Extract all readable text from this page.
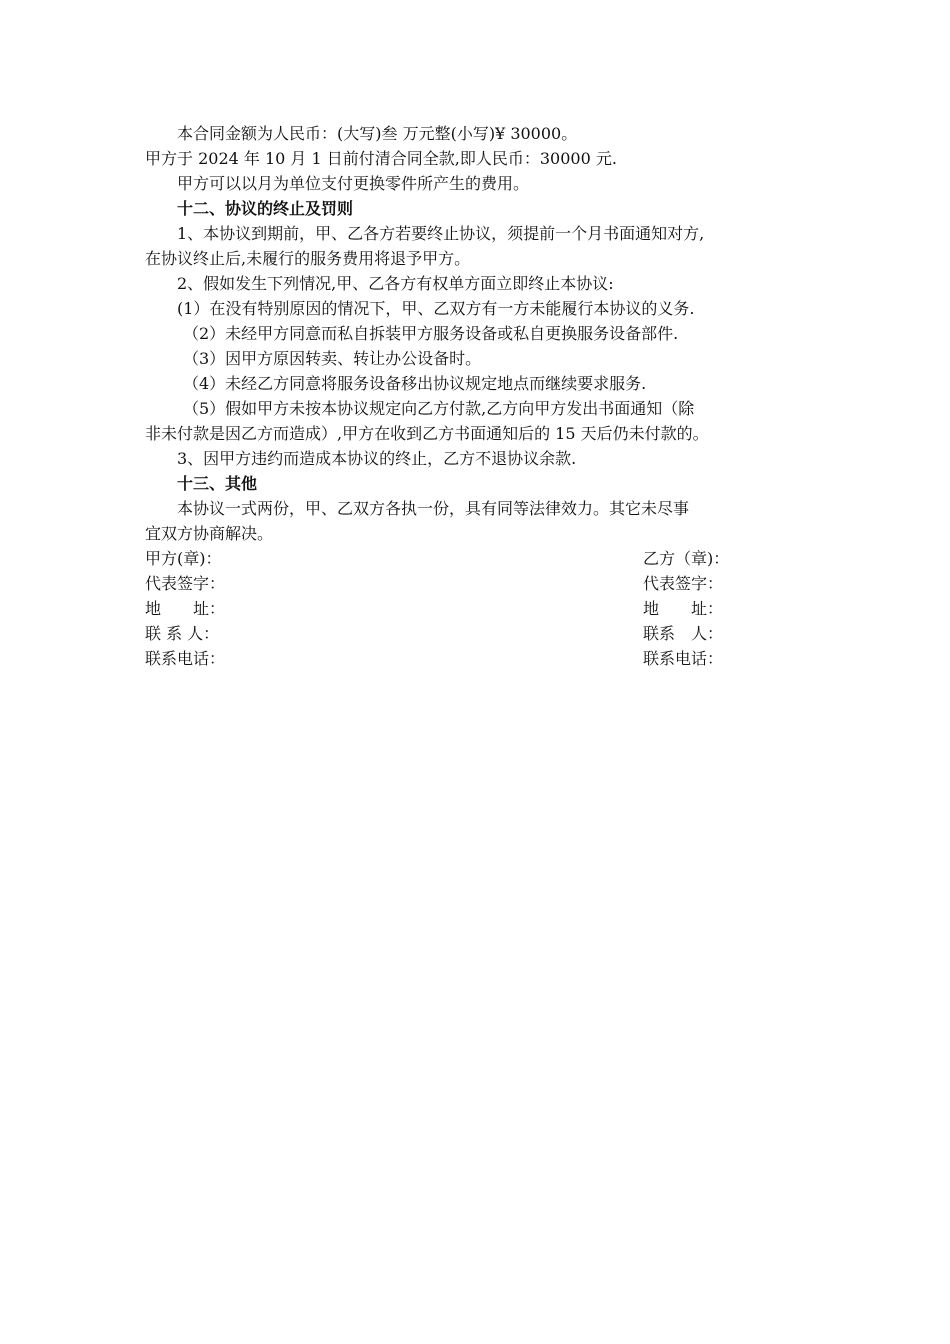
本合同金额为人民币：(大写)叁 万元整(小写)¥ 30000。
甲方于 2024 年 10 月 1 日前付清合同全款,即人民币：30000 元.
甲方可以以月为单位支付更换零件所产生的费用。
十二、协议的终止及罚则
1、本协议到期前，甲、乙各方若要终止协议，须提前一个月书面通知对方,
在协议终止后,未履行的服务费用将退予甲方。
2、假如发生下列情况,甲、乙各方有权单方面立即终止本协议:
(1）在没有特别原因的情况下，甲、乙双方有一方未能履行本协议的义务.
（2）未经甲方同意而私自拆装甲方服务设备或私自更换服务设备部件.
（3）因甲方原因转卖、转让办公设备时。
（4）未经乙方同意将服务设备移出协议规定地点而继续要求服务.
（5）假如甲方未按本协议规定向乙方付款,乙方向甲方发出书面通知（除
非未付款是因乙方而造成）,甲方在收到乙方书面通知后的 15 天后仍未付款的。
3、因甲方违约而造成本协议的终止，乙方不退协议余款.
十三、其他
本协议一式两份，甲、乙双方各执一份，具有同等法律效力。其它未尽事
宜双方协商解决。
甲方(章)：	乙方（章)：
代表签字：	代表签字：
地　　址：	地　　址：
联 系 人：	联系　人：
联系电话：	联系电话：
